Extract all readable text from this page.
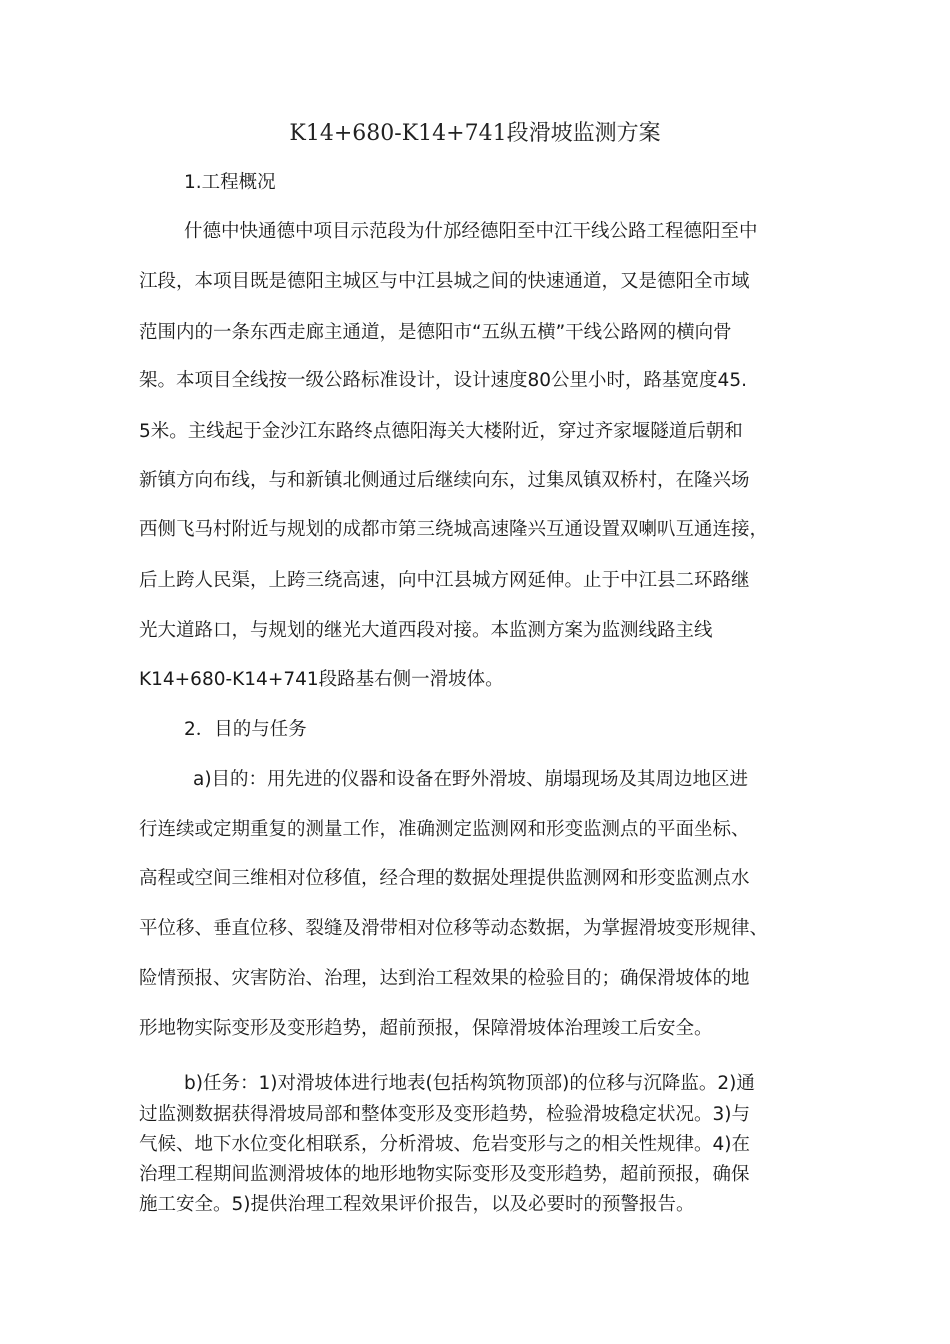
K14+680-K14+741段滑坡监测方案
1.工程概况
什德中快通德中项目示范段为什邡经德阳至中江干线公路工程德阳至中
江段，本项目既是德阳主城区与中江县城之间的快速通道，又是德阳全市域
范围内的一条东西走廊主通道，是德阳市“五纵五横”干线公路网的横向骨
架。本项目全线按一级公路标准设计，设计速度80公里小时，路基宽度45.
5米。主线起于金沙江东路终点德阳海关大楼附近，穿过齐家堰隧道后朝和
新镇方向布线，与和新镇北侧通过后继续向东，过集凤镇双桥村，在隆兴场
西侧飞马村附近与规划的成都市第三绕城高速隆兴互通设置双喇叭互通连接，
后上跨人民渠，上跨三绕高速，向中江县城方网延伸。止于中江县二环路继
光大道路口，与规划的继光大道西段对接。本监测方案为监测线路主线
K14+680-K14+741段路基右侧一滑坡体。
2．目的与任务
a)目的：用先进的仪器和设备在野外滑坡、崩塌现场及其周边地区进
行连续或定期重复的测量工作，准确测定监测网和形变监测点的平面坐标、
高程或空间三维相对位移值，经合理的数据处理提供监测网和形变监测点水
平位移、垂直位移、裂缝及滑带相对位移等动态数据，为掌握滑坡变形规律、
险情预报、灾害防治、治理，达到治工程效果的检验目的；确保滑坡体的地
形地物实际变形及变形趋势，超前预报，保障滑坡体治理竣工后安全。
b)任务：1)对滑坡体进行地表(包括构筑物顶部)的位移与沉降监。2)通
过监测数据获得滑坡局部和整体变形及变形趋势，检验滑坡稳定状况。3)与
气候、地下水位变化相联系，分析滑坡、危岩变形与之的相关性规律。4)在
治理工程期间监测滑坡体的地形地物实际变形及变形趋势，超前预报，确保
施工安全。5)提供治理工程效果评价报告，以及必要时的预警报告。
